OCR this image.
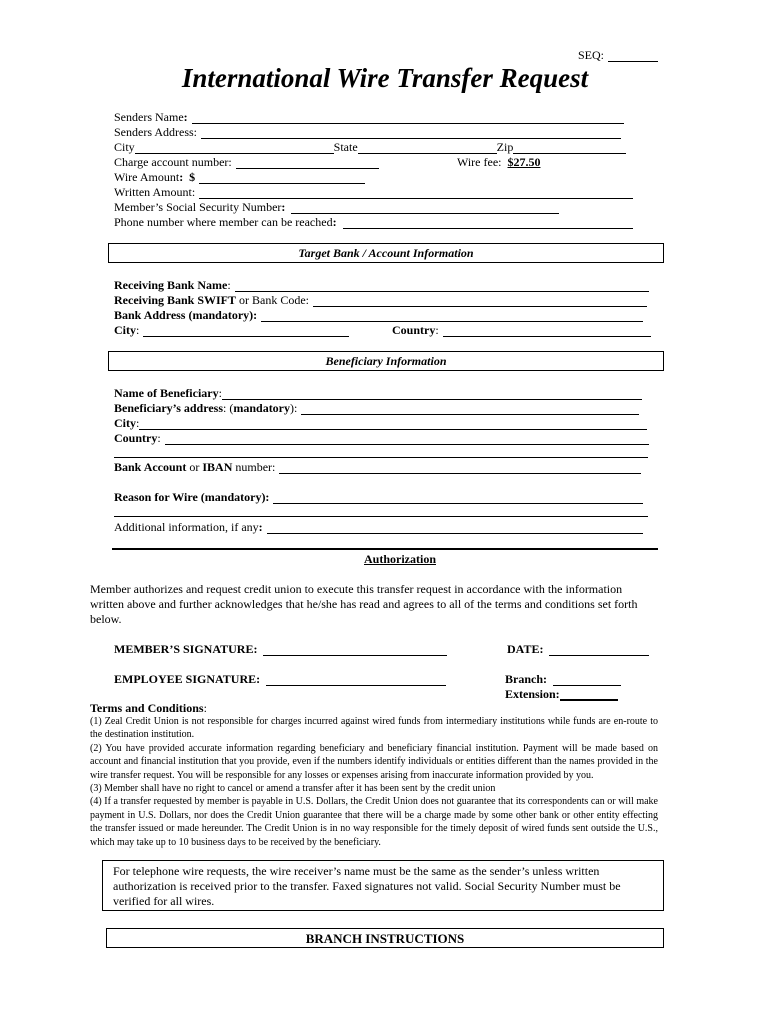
SEQ:
International Wire Transfer Request
Senders Name :
Senders Address:
City	State	Zip
Charge account number:	Wire fee: $27.50
Wire Amount :  $
Written Amount:
Member’s Social Security Number :
Phone number where member can be reached :
Target Bank / Account Information
Receiving Bank Name :
Receiving Bank SWIFT or Bank Code:
Bank Address (mandatory):
City :	Country :
Beneficiary Information
Name of Beneficiary :
Beneficiary’s address : ( mandatory ):
City :
Country :
Bank Account or IBAN number:
Reason for Wire (mandatory):
Additional information, if any :
Authorization
Member authorizes and request credit union to execute this transfer request in accordance with the information written above and further acknowledges that he/she has read and agrees to all of the terms and conditions set forth below.
MEMBER’S SIGNATURE:	DATE:
EMPLOYEE SIGNATURE:	Branch:
Extension:
Terms and Conditions :

(1) Zeal Credit Union is not responsible for charges incurred against wired funds from intermediary institutions while funds are en-route to the destination institution.

(2) You have provided accurate information regarding beneficiary and beneficiary financial institution. Payment will be made based on account and financial institution that you provide, even if the numbers identify individuals or entities different than the names provided in the wire transfer request. You will be responsible for any losses or expenses arising from inaccurate information provided by you.

(3) Member shall have no right to cancel or amend a transfer after it has been sent by the credit union

(4) If a transfer requested by member is payable in U.S. Dollars, the Credit Union does not guarantee that its correspondents can or will make payment in U.S. Dollars, nor does the Credit Union guarantee that there will be a charge made by some other bank or other entity effecting the transfer issued or made hereunder. The Credit Union is in no way responsible for the timely deposit of wired funds sent outside the U.S., which may take up to 10 business days to be received by the beneficiary.

For telephone wire requests, the wire receiver’s name must be the same as the sender’s unless written authorization is received prior to the transfer. Faxed signatures not valid. Social Security Number must be verified for all wires.
BRANCH INSTRUCTIONS
